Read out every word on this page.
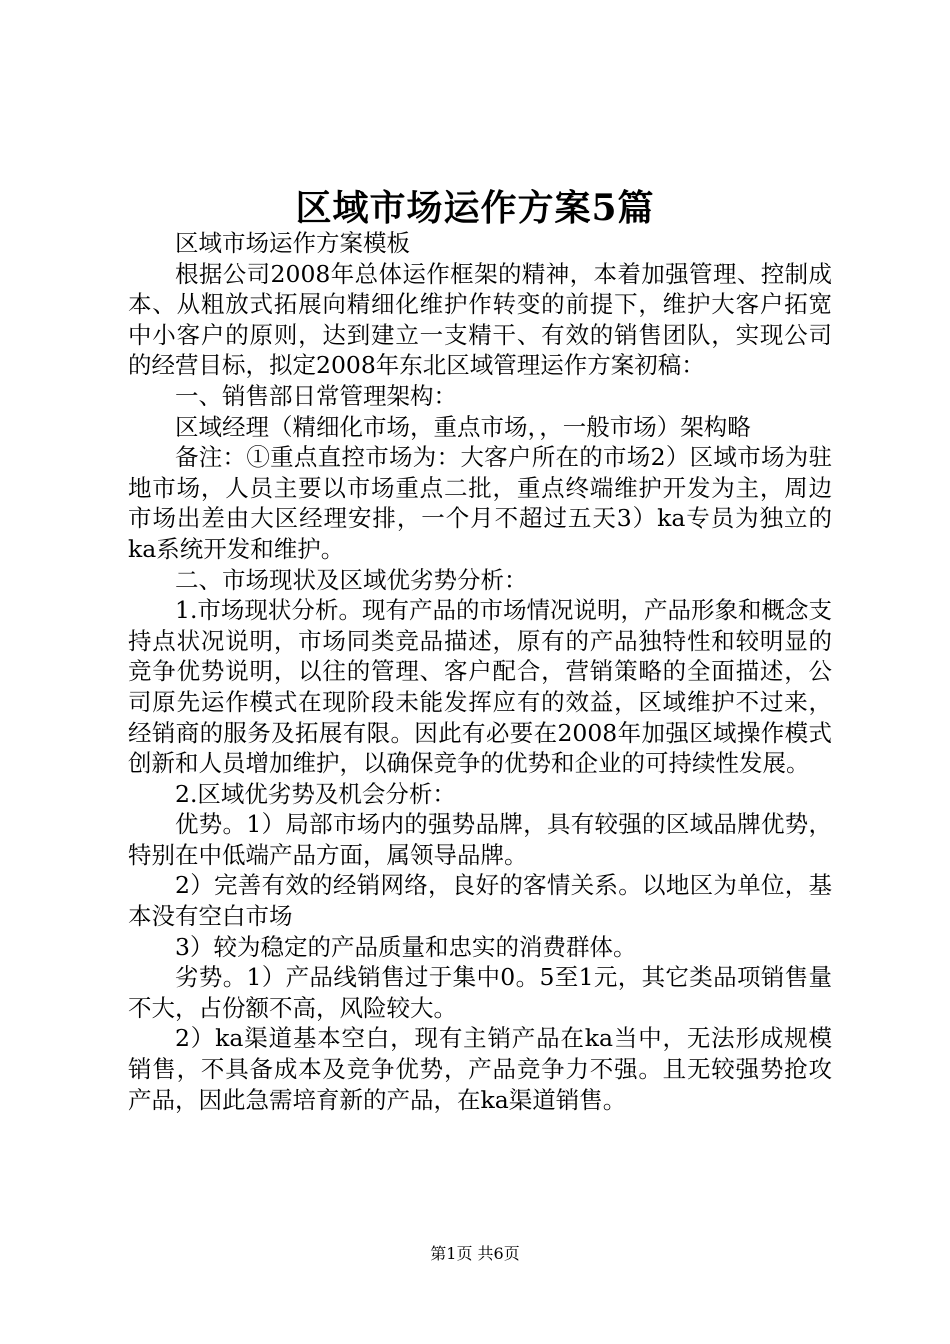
区域市场运作方案5篇

区域市场运作方案模板

根据公司2008年总体运作框架的精神，本着加强管理、控制成本、从粗放式拓展向精细化维护作转变的前提下，维护大客户拓宽中小客户的原则，达到建立一支精干、有效的销售团队，实现公司的经营目标，拟定2008年东北区域管理运作方案初稿：

一、销售部日常管理架构：

区域经理（精细化市场，重点市场，，一般市场）架构略

备注：①重点直控市场为：大客户所在的市场2）区域市场为驻地市场，人员主要以市场重点二批，重点终端维护开发为主，周边市场出差由大区经理安排，一个月不超过五天3）ka专员为独立的ka系统开发和维护。

二、市场现状及区域优劣势分析：

1.市场现状分析。现有产品的市场情况说明，产品形象和概念支持点状况说明，市场同类竞品描述，原有的产品独特性和较明显的竞争优势说明，以往的管理、客户配合，营销策略的全面描述，公司原先运作模式在现阶段未能发挥应有的效益，区域维护不过来，经销商的服务及拓展有限。因此有必要在2008年加强区域操作模式创新和人员增加维护，以确保竞争的优势和企业的可持续性发展。

2.区域优劣势及机会分析：

优势。1）局部市场内的强势品牌，具有较强的区域品牌优势，特别在中低端产品方面，属领导品牌。

2）完善有效的经销网络，良好的客情关系。以地区为单位，基本没有空白市场

3）较为稳定的产品质量和忠实的消费群体。

劣势。1）产品线销售过于集中0。5至1元，其它类品项销售量不大，占份额不高，风险较大。

2）ka渠道基本空白，现有主销产品在ka当中，无法形成规模销售，不具备成本及竞争优势，产品竞争力不强。且无较强势抢攻产品，因此急需培育新的产品，在ka渠道销售。

第1页 共6页
